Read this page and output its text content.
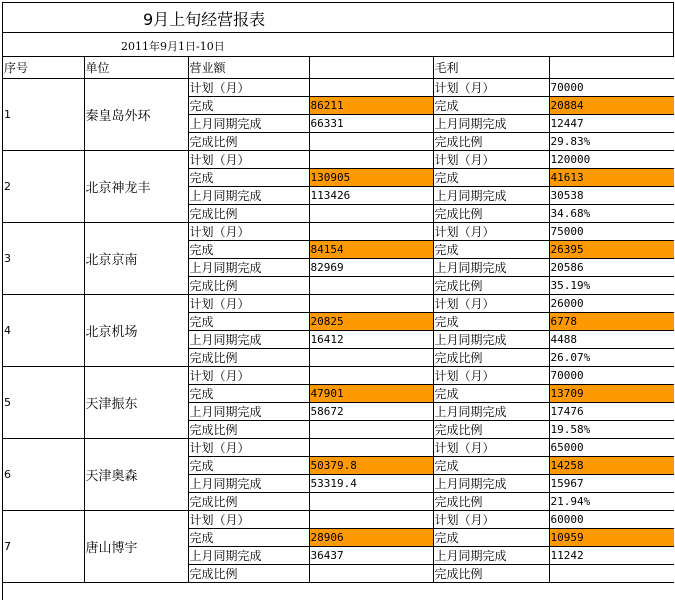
9月上旬经营报表
2011年9月1日-10日
序号	单位	营业额		毛利	
1	秦皇岛外环	计划（月）		计划（月）	70000
		完成	86211	完成	20884
		上月同期完成	66331	上月同期完成	12447
		完成比例		完成比例	29.83%
2	北京神龙丰	计划（月）		计划（月）	120000
		完成	130905	完成	41613
		上月同期完成	113426	上月同期完成	30538
		完成比例		完成比例	34.68%
3	北京京南	计划（月）		计划（月）	75000
		完成	84154	完成	26395
		上月同期完成	82969	上月同期完成	20586
		完成比例		完成比例	35.19%
4	北京机场	计划（月）		计划（月）	26000
		完成	20825	完成	6778
		上月同期完成	16412	上月同期完成	4488
		完成比例		完成比例	26.07%
5	天津振东	计划（月）		计划（月）	70000
		完成	47901	完成	13709
		上月同期完成	58672	上月同期完成	17476
		完成比例		完成比例	19.58%
6	天津奥森	计划（月）		计划（月）	65000
		完成	50379.8	完成	14258
		上月同期完成	53319.4	上月同期完成	15967
		完成比例		完成比例	21.94%
7	唐山博宇	计划（月）		计划（月）	60000
		完成	28906	完成	10959
		上月同期完成	36437	上月同期完成	11242
		完成比例		完成比例	
